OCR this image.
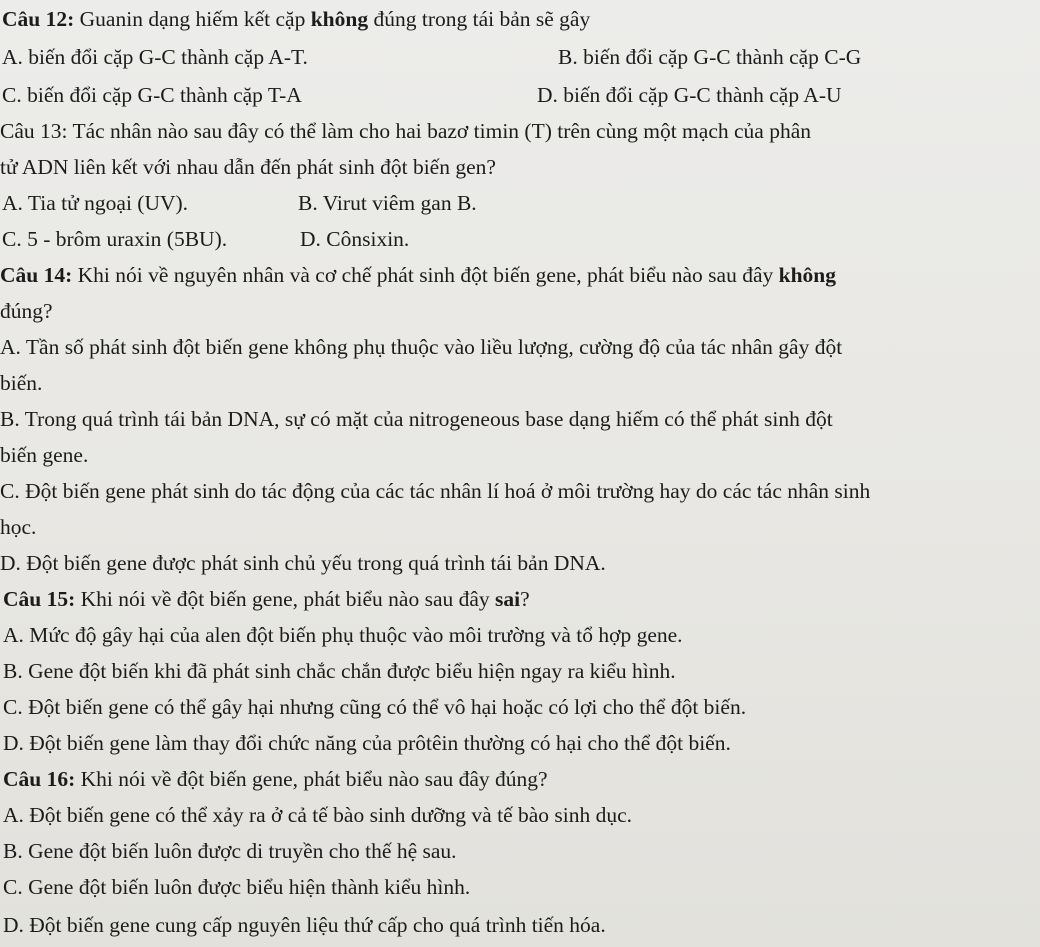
Câu 12: Guanin dạng hiếm kết cặp không đúng trong tái bản sẽ gây
A. biến đổi cặp G-C thành cặp A-T.	B. biến đổi cặp G-C thành cặp C-G
C. biến đổi cặp G-C thành cặp T-A	D. biến đổi cặp G-C thành cặp A-U
Câu 13: Tác nhân nào sau đây có thể làm cho hai bazơ timin (T) trên cùng một mạch của phân
tử ADN liên kết với nhau dẫn đến phát sinh đột biến gen?
A. Tia tử ngoại (UV).	B. Virut viêm gan B.
C. 5 - brôm uraxin (5BU).	D. Cônsixin.
Câu 14: Khi nói về nguyên nhân và cơ chế phát sinh đột biến gene, phát biểu nào sau đây không
đúng?
A. Tần số phát sinh đột biến gene không phụ thuộc vào liều lượng, cường độ của tác nhân gây đột
biến.
B. Trong quá trình tái bản DNA, sự có mặt của nitrogeneous base dạng hiếm có thể phát sinh đột
biến gene.
C. Đột biến gene phát sinh do tác động của các tác nhân lí hoá ở môi trường hay do các tác nhân sinh
học.
D. Đột biến gene được phát sinh chủ yếu trong quá trình tái bản DNA.
Câu 15: Khi nói về đột biến gene, phát biểu nào sau đây sai?
A. Mức độ gây hại của alen đột biến phụ thuộc vào môi trường và tổ hợp gene.
B. Gene đột biến khi đã phát sinh chắc chắn được biểu hiện ngay ra kiểu hình.
C. Đột biến gene có thể gây hại nhưng cũng có thể vô hại hoặc có lợi cho thể đột biến.
D. Đột biến gene làm thay đổi chức năng của prôtêin thường có hại cho thể đột biến.
Câu 16: Khi nói về đột biến gene, phát biểu nào sau đây đúng?
A. Đột biến gene có thể xảy ra ở cả tế bào sinh dưỡng và tế bào sinh dục.
B. Gene đột biến luôn được di truyền cho thế hệ sau.
C. Gene đột biến luôn được biểu hiện thành kiểu hình.
D. Đột biến gene cung cấp nguyên liệu thứ cấp cho quá trình tiến hóa.
